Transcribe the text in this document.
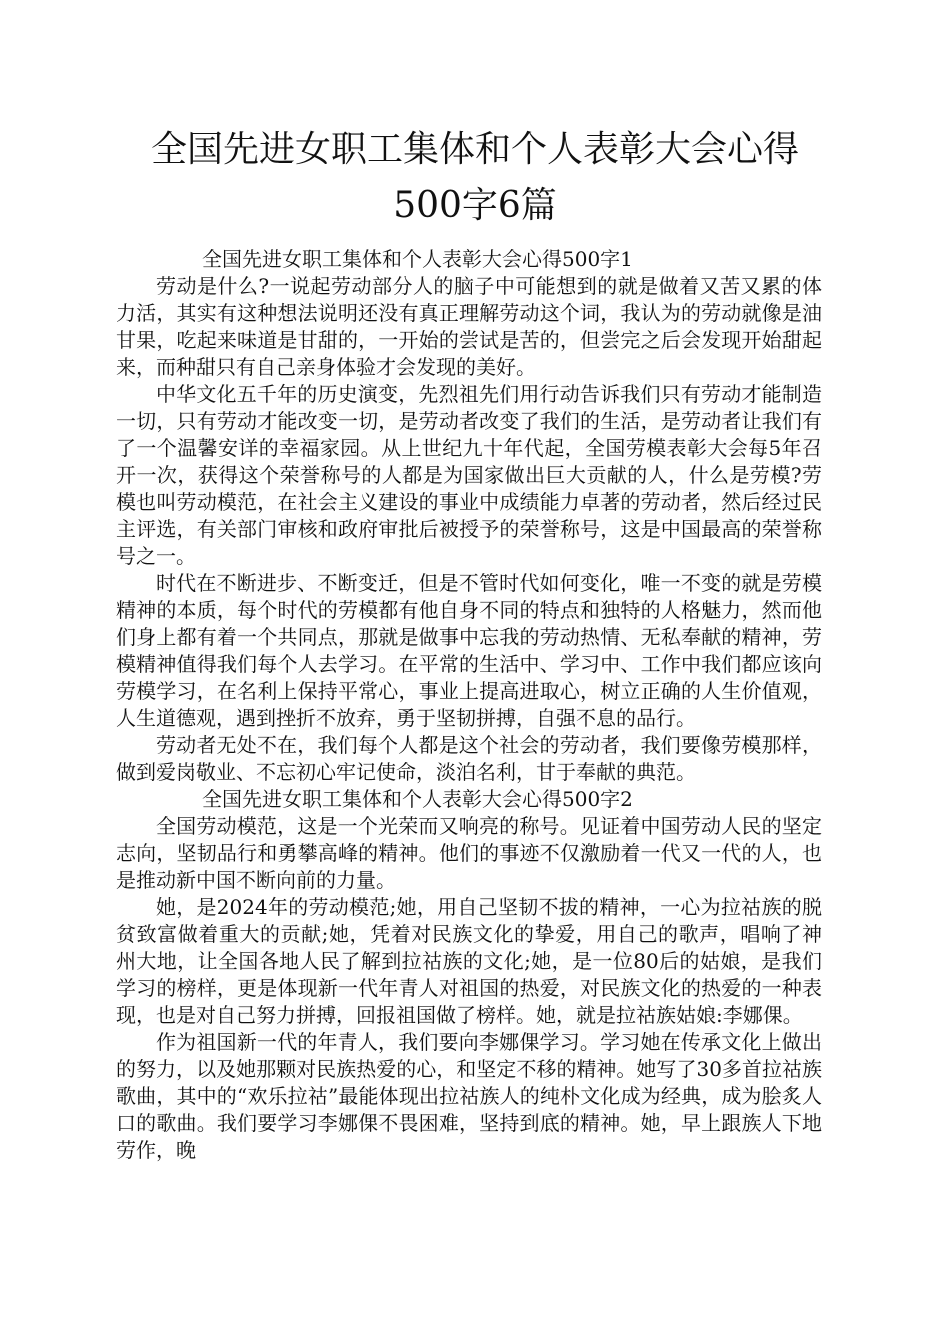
全国先进女职工集体和个人表彰大会心得
500字6篇

全国先进女职工集体和个人表彰大会心得500字1

劳动是什么?一说起劳动部分人的脑子中可能想到的就是做着又苦又累的体力活，其实有这种想法说明还没有真正理解劳动这个词，我认为的劳动就像是油甘果，吃起来味道是甘甜的，一开始的尝试是苦的，但尝完之后会发现开始甜起来，而种甜只有自己亲身体验才会发现的美好。

中华文化五千年的历史演变，先烈祖先们用行动告诉我们只有劳动才能制造一切，只有劳动才能改变一切，是劳动者改变了我们的生活，是劳动者让我们有了一个温馨安详的幸福家园。从上世纪九十年代起，全国劳模表彰大会每5年召开一次，获得这个荣誉称号的人都是为国家做出巨大贡献的人，什么是劳模?劳模也叫劳动模范，在社会主义建设的事业中成绩能力卓著的劳动者，然后经过民主评选，有关部门审核和政府审批后被授予的荣誉称号，这是中国最高的荣誉称号之一。

时代在不断进步、不断变迁，但是不管时代如何变化，唯一不变的就是劳模精神的本质，每个时代的劳模都有他自身不同的特点和独特的人格魅力，然而他们身上都有着一个共同点，那就是做事中忘我的劳动热情、无私奉献的精神，劳模精神值得我们每个人去学习。在平常的生活中、学习中、工作中我们都应该向劳模学习，在名利上保持平常心，事业上提高进取心，树立正确的人生价值观，人生道德观，遇到挫折不放弃，勇于坚韧拼搏，自强不息的品行。

劳动者无处不在，我们每个人都是这个社会的劳动者，我们要像劳模那样，做到爱岗敬业、不忘初心牢记使命，淡泊名利，甘于奉献的典范。

全国先进女职工集体和个人表彰大会心得500字2

全国劳动模范，这是一个光荣而又响亮的称号。见证着中国劳动人民的坚定志向，坚韧品行和勇攀高峰的精神。他们的事迹不仅激励着一代又一代的人，也是推动新中国不断向前的力量。

她，是2024年的劳动模范;她，用自己坚韧不拔的精神，一心为拉祜族的脱贫致富做着重大的贡献;她，凭着对民族文化的挚爱，用自己的歌声，唱响了神州大地，让全国各地人民了解到拉祜族的文化;她，是一位80后的姑娘，是我们学习的榜样，更是体现新一代年青人对祖国的热爱，对民族文化的热爱的一种表现，也是对自己努力拼搏，回报祖国做了榜样。她，就是拉祜族姑娘:李娜倮。

作为祖国新一代的年青人，我们要向李娜倮学习。学习她在传承文化上做出的努力，以及她那颗对民族热爱的心，和坚定不移的精神。她写了30多首拉祜族歌曲，其中的“欢乐拉祜”最能体现出拉祜族人的纯朴文化成为经典，成为脍炙人口的歌曲。我们要学习李娜倮不畏困难，坚持到底的精神。她，早上跟族人下地劳作，晚
